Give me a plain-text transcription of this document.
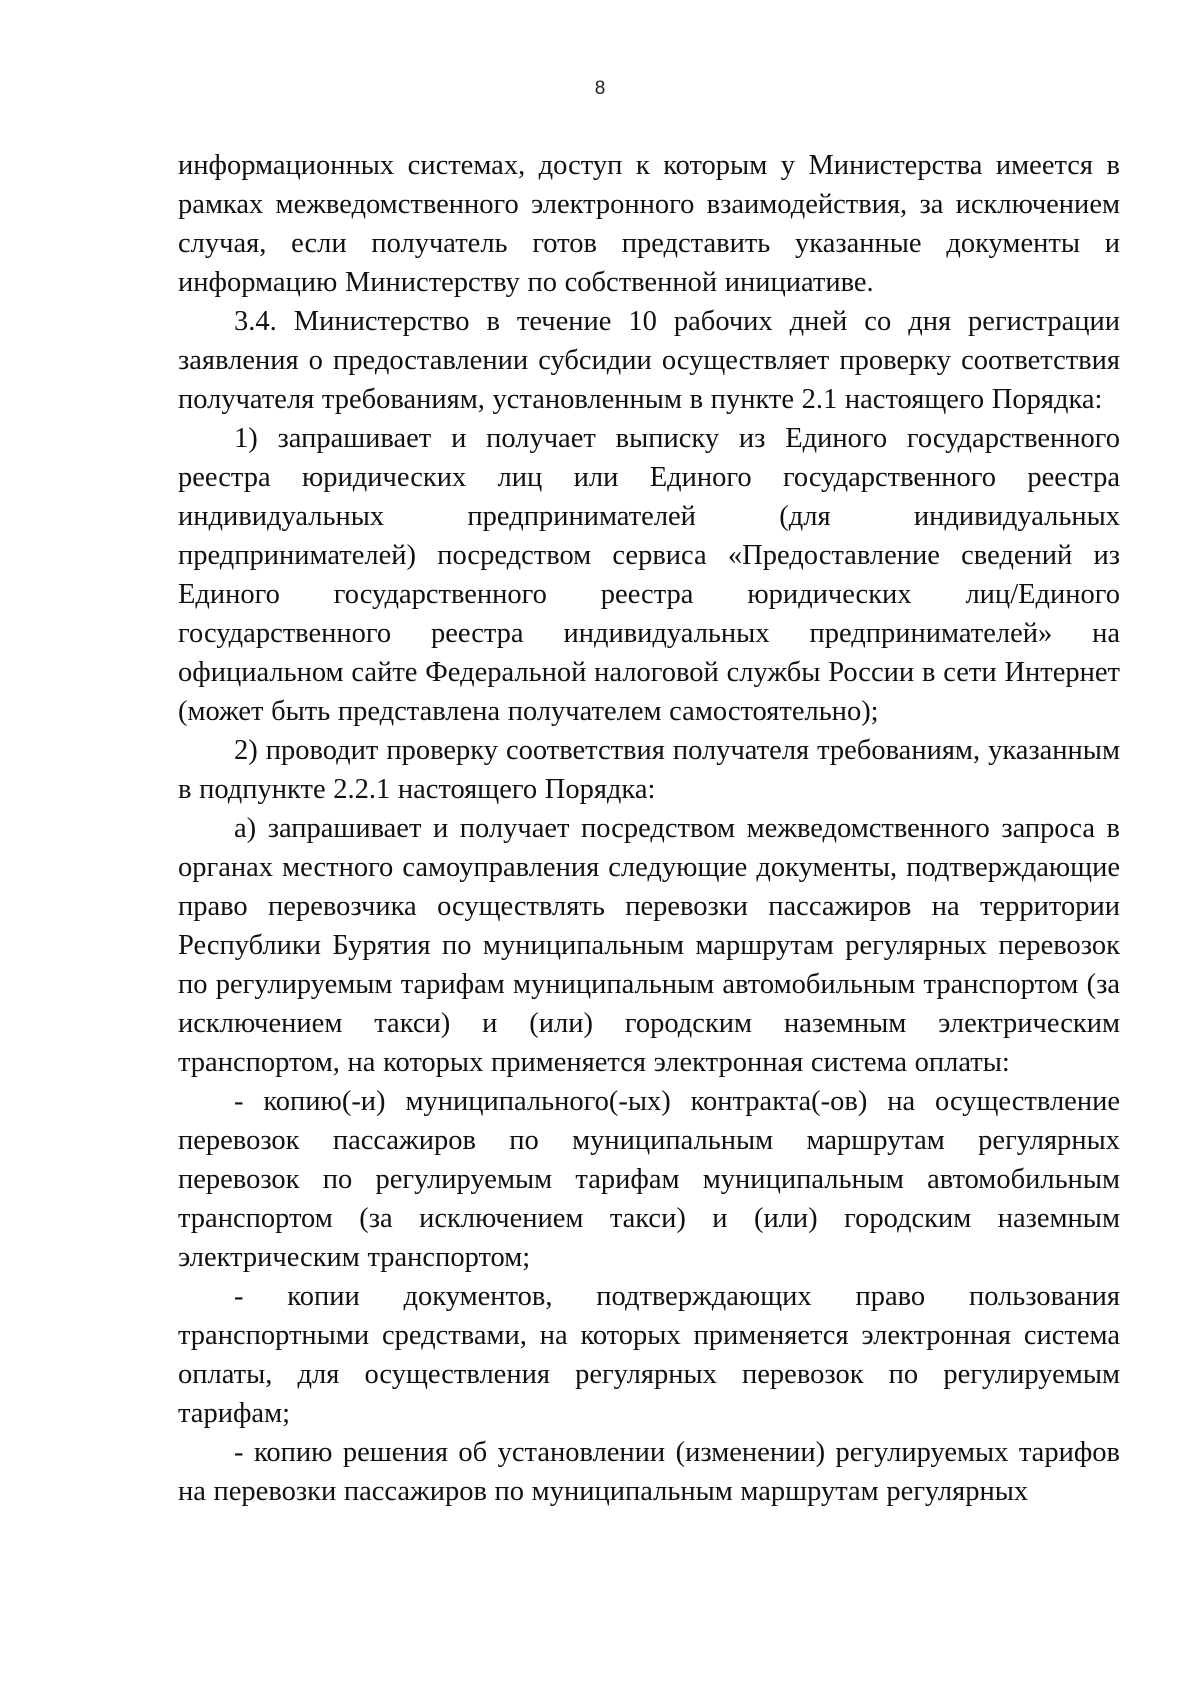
8

информационных системах, доступ к которым у Министерства имеется в рамках межведомственного электронного взаимодействия, за исключением случая, если получатель готов представить указанные документы и информацию Министерству по собственной инициативе.

3.4. Министерство в течение 10 рабочих дней со дня регистрации заявления о предоставлении субсидии осуществляет проверку соответствия получателя требованиям, установленным в пункте 2.1 настоящего Порядка:

1) запрашивает и получает выписку из Единого государственного реестра юридических лиц или Единого государственного реестра индивидуальных предпринимателей (для индивидуальных предпринимателей) посредством сервиса «Предоставление сведений из Единого государственного реестра юридических лиц/Единого государственного реестра индивидуальных предпринимателей» на официальном сайте Федеральной налоговой службы России в сети Интернет (может быть представлена получателем самостоятельно);

2) проводит проверку соответствия получателя требованиям, указанным в подпункте 2.2.1 настоящего Порядка:

а) запрашивает и получает посредством межведомственного запроса в органах местного самоуправления следующие документы, подтверждающие право перевозчика осуществлять перевозки пассажиров на территории Республики Бурятия по муниципальным маршрутам регулярных перевозок по регулируемым тарифам муниципальным автомобильным транспортом (за исключением такси) и (или) городским наземным электрическим транспортом, на которых применяется электронная система оплаты:

- копию(-и) муниципального(-ых) контракта(-ов) на осуществление перевозок пассажиров по муниципальным маршрутам регулярных перевозок по регулируемым тарифам муниципальным автомобильным транспортом (за исключением такси) и (или) городским наземным электрическим транспортом;

- копии документов, подтверждающих право пользования транспортными средствами, на которых применяется электронная система оплаты, для осуществления регулярных перевозок по регулируемым тарифам;

- копию решения об установлении (изменении) регулируемых тарифов на перевозки пассажиров по муниципальным маршрутам регулярных
